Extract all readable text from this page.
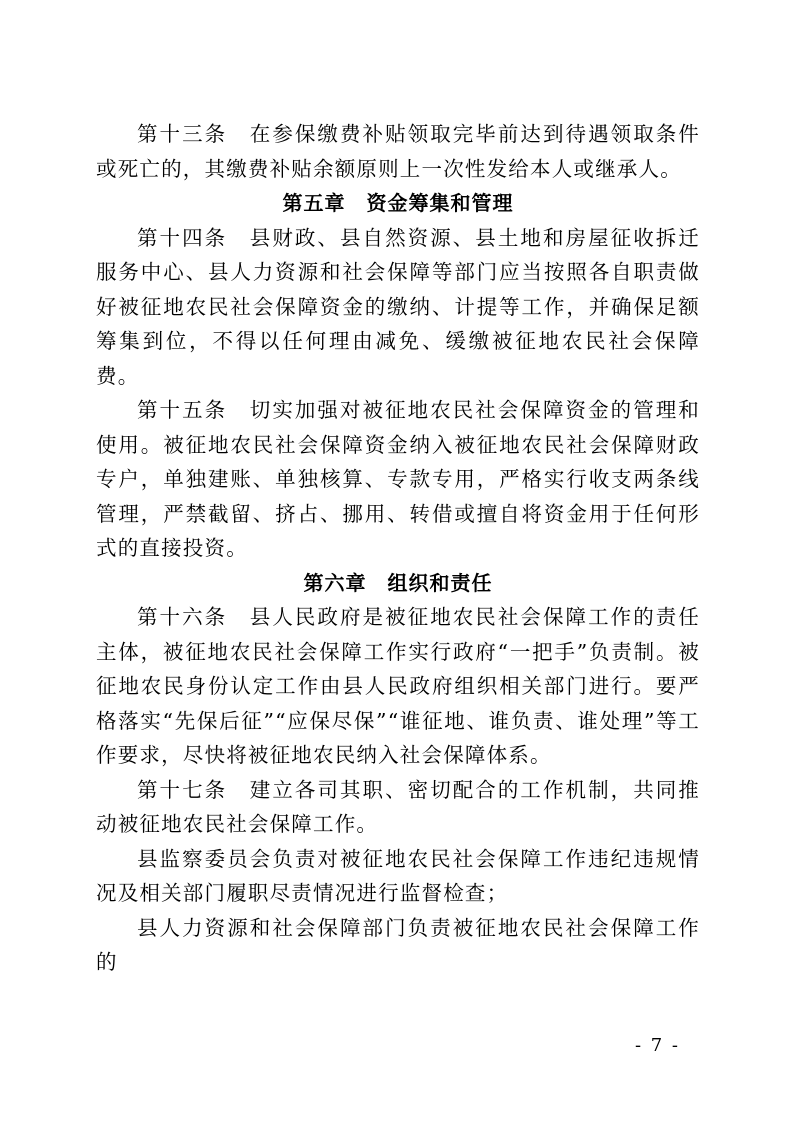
第十三条　在参保缴费补贴领取完毕前达到待遇领取条件或死亡的，其缴费补贴余额原则上一次性发给本人或继承人。

第五章　资金筹集和管理

第十四条　县财政、县自然资源、县土地和房屋征收拆迁服务中心、县人力资源和社会保障等部门应当按照各自职责做好被征地农民社会保障资金的缴纳、计提等工作，并确保足额筹集到位，不得以任何理由减免、缓缴被征地农民社会保障费。

第十五条　切实加强对被征地农民社会保障资金的管理和使用。被征地农民社会保障资金纳入被征地农民社会保障财政专户，单独建账、单独核算、专款专用，严格实行收支两条线管理，严禁截留、挤占、挪用、转借或擅自将资金用于任何形式的直接投资。

第六章　组织和责任

第十六条　县人民政府是被征地农民社会保障工作的责任主体，被征地农民社会保障工作实行政府“一把手”负责制。被征地农民身份认定工作由县人民政府组织相关部门进行。要严格落实“先保后征”“应保尽保”“谁征地、谁负责、谁处理”等工作要求，尽快将被征地农民纳入社会保障体系。

第十七条　建立各司其职、密切配合的工作机制，共同推动被征地农民社会保障工作。

县监察委员会负责对被征地农民社会保障工作违纪违规情况及相关部门履职尽责情况进行监督检查；

县人力资源和社会保障部门负责被征地农民社会保障工作的

- 7 -
